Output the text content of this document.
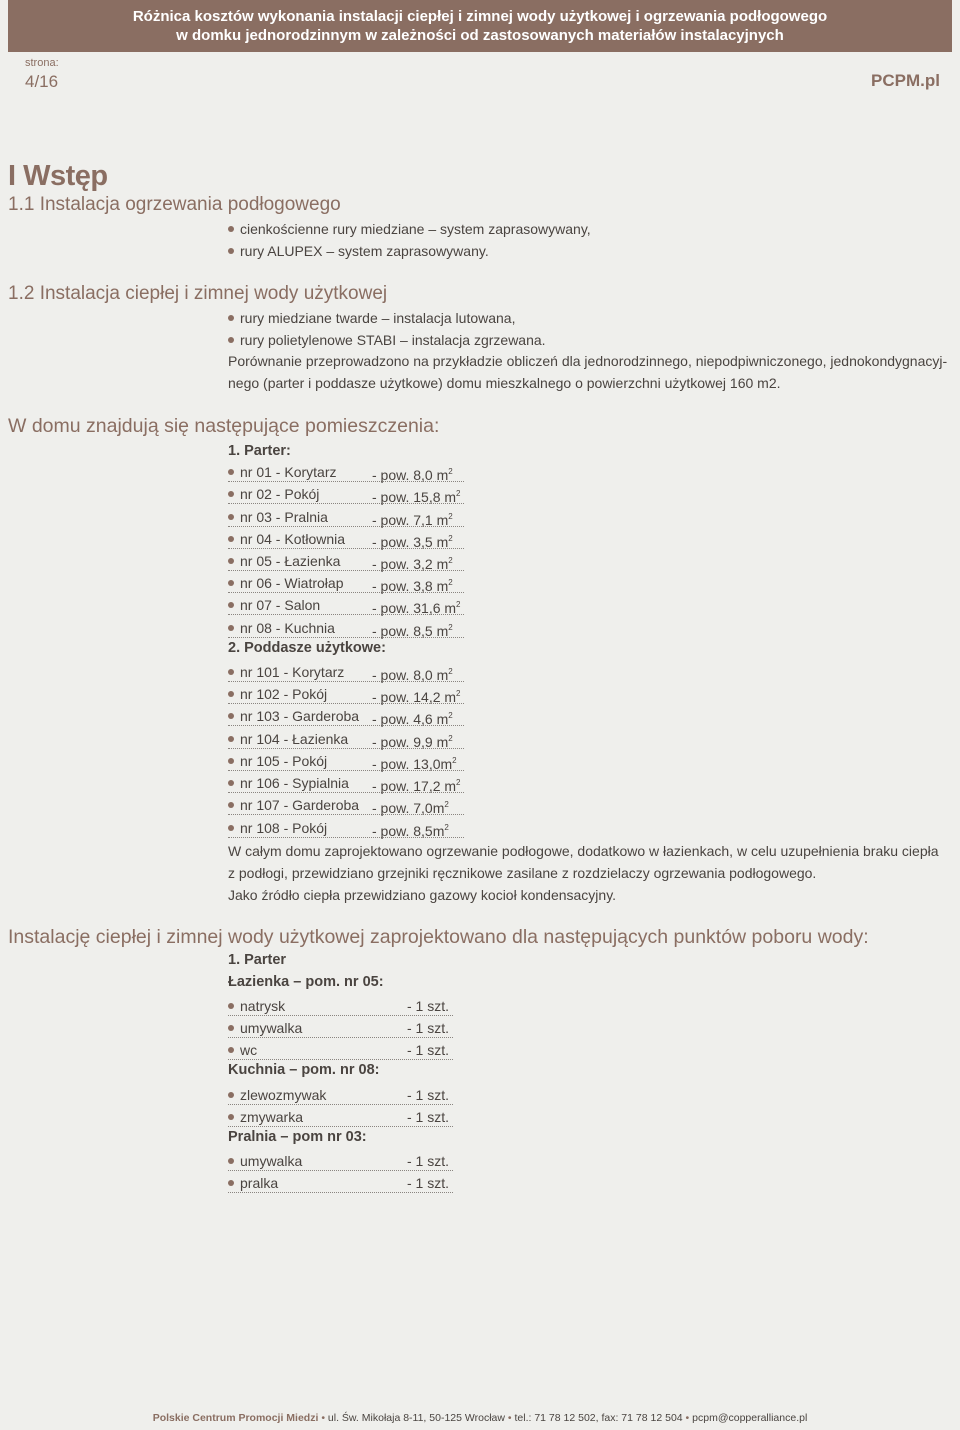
Różnica kosztów wykonania instalacji ciepłej i zimnej wody użytkowej i ogrzewania podłogowego
w domku jednorodzinnym w zależności od zastosowanych materiałów instalacyjnych
strona:
4/16	PCPM.pl
I Wstęp
1.1 Instalacja ogrzewania podłogowego
cienkościenne rury miedziane – system zaprasowywany,
rury ALUPEX – system zaprasowywany.
1.2 Instalacja ciepłej i zimnej wody użytkowej
rury miedziane twarde – instalacja lutowana,
rury polietylenowe STABI – instalacja zgrzewana.
Porównanie przeprowadzono na przykładzie obliczeń dla jednorodzinnego, niepodpiwniczonego, jednokondygnacyj-
nego (parter i poddasze użytkowe) domu mieszkalnego o powierzchni użytkowej 160 m2.
W domu znajdują się następujące pomieszczenia:
1. Parter:
nr 01 - Korytarz	- pow. 8,0 $m^2$
nr 02 - Pokój	- pow. 15,8 $m^2$
nr 03 - Pralnia	- pow. 7,1 $m^2$
nr 04 - Kotłownia - pow. 3,5 $m^2$
nr 05 - Łazienka - pow. 3,2 $m^2$
nr 06 - Wiatrołap - pow. 3,8 $m^2$
nr 07 - Salon	- pow. 31,6 $m^2$
nr 08 - Kuchnia	- pow. 8,5 $m^2$
2. Poddasze użytkowe:
nr 101 - Korytarz - pow. 8,0 $m^2$
nr 102 - Pokój	- pow. 14,2 $m^2$
nr 103 - Garderoba - pow. 4,6 $m^2$
nr 104 - Łazienka - pow. 9,9 $m^2$
nr 105 - Pokój	- pow. $13,0m^2$
nr 106 - Sypialnia - pow. 17,2 $m^2$
nr 107 - Garderoba - pow. $7,0m^2$
nr 108 - Pokój	- pow. $8,5m^2$
W całym domu zaprojektowano ogrzewanie podłogowe, dodatkowo w łazienkach, w celu uzupełnienia braku ciepła
z podłogi, przewidziano grzejniki ręcznikowe zasilane z rozdzielaczy ogrzewania podłogowego.
Jako źródło ciepła przewidziano gazowy kocioł kondensacyjny.
Instalację ciepłej i zimnej wody użytkowej zaprojektowano dla następujących punktów poboru wody:
1. Parter
Łazienka – pom. nr 05:
natrysk	- 1 szt.
umywalka	- 1 szt.
wc	- 1 szt.
Kuchnia – pom. nr 08:
zlewozmywak	- 1 szt.
zmywarka	- 1 szt.
Pralnia – pom nr 03:
umywalka	- 1 szt.
pralka	- 1 szt.
Polskie Centrum Promocji Miedzi • ul. Św. Mikołaja 8-11, 50-125 Wrocław • tel.: 71 78 12 502, fax: 71 78 12 504 • pcpm@copperalliance.pl
